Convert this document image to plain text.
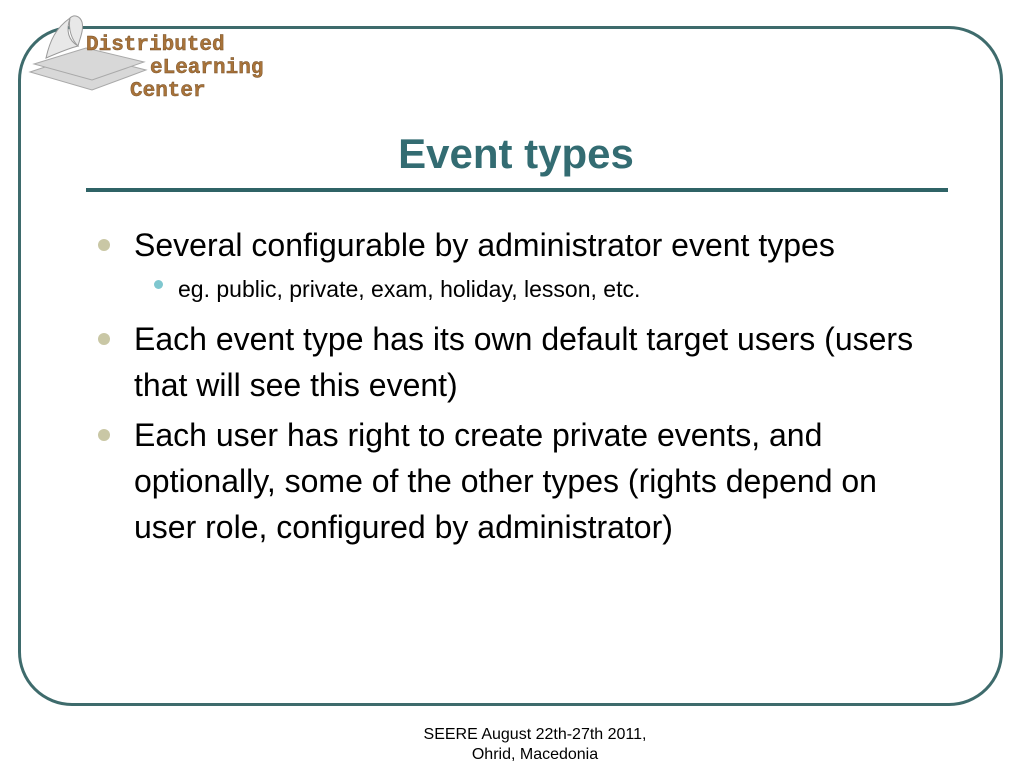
Distributed
eLearning
Center
Event types
Several configurable by administrator event types
eg. public, private, exam, holiday, lesson, etc.
Each event type has its own default target users (users that will see this event)
Each user has right to create private events, and optionally, some of the other types (rights depend on user role, configured by administrator)
SEERE August 22th-27th 2011,
Ohrid, Macedonia
